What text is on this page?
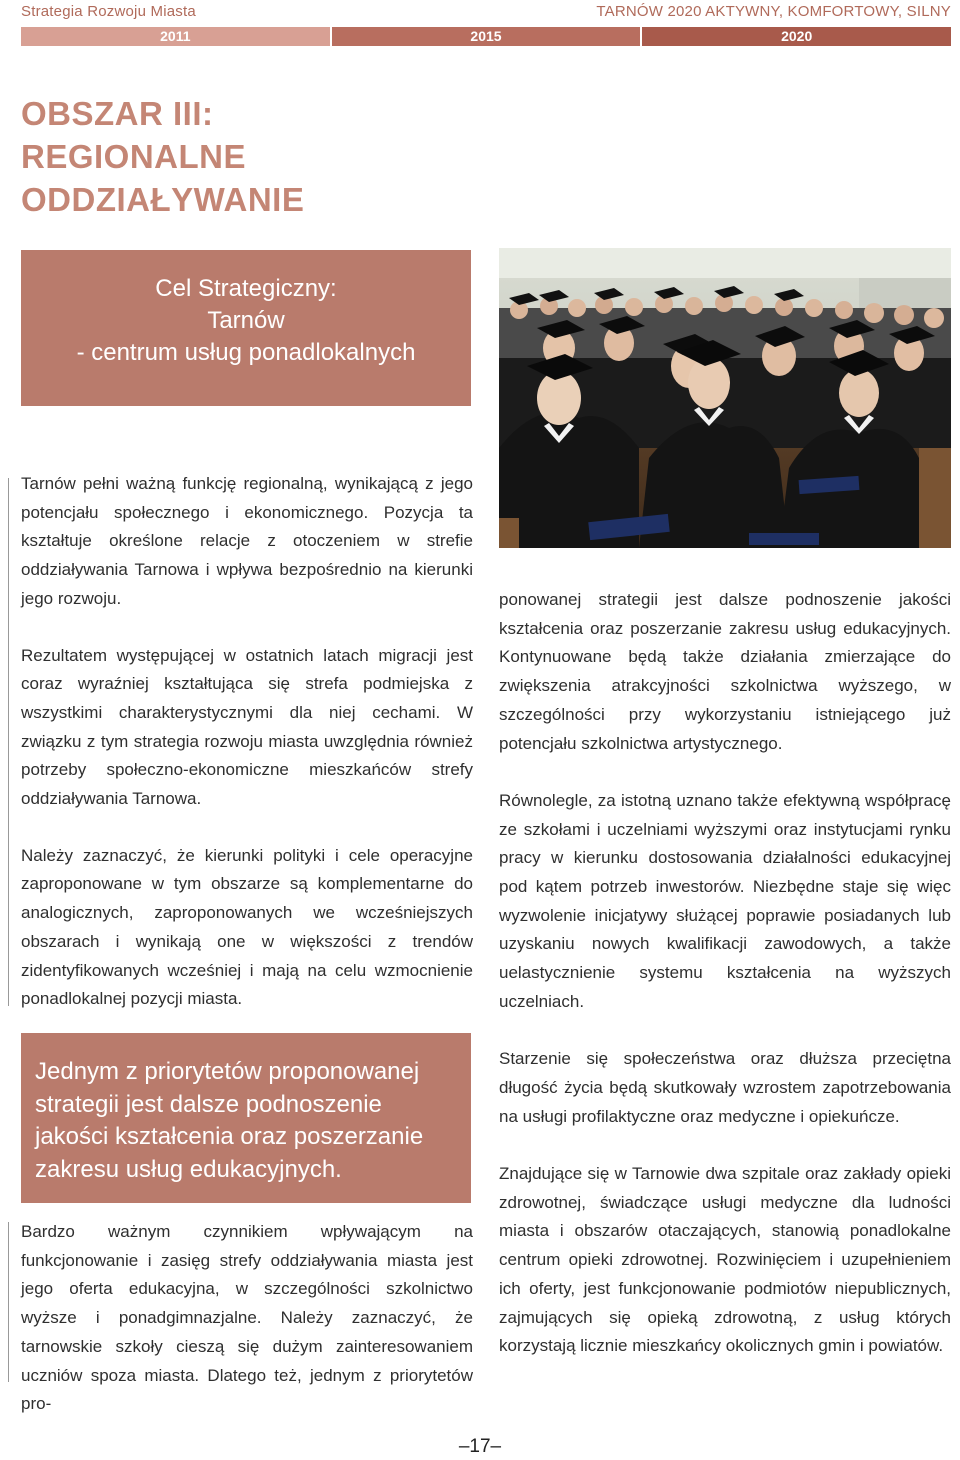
Strategia Rozwoju Miasta	TARNÓW 2020 AKTYWNY, KOMFORTOWY, SILNY
2011	2015	2020
OBSZAR III:
REGIONALNE
ODDZIAŁYWANIE
Cel Strategiczny:
Tarnów
- centrum usług ponadlokalnych

Tarnów pełni ważną funkcję regionalną, wynikającą z jego potencjału społecznego i ekonomicznego. Pozycja ta kształtuje określone relacje z otoczeniem w strefie oddziaływania Tarnowa i wpływa bezpośrednio na kierunki jego rozwoju.

Rezultatem występującej w ostatnich latach migracji jest coraz wyraźniej kształtująca się strefa podmiejska z wszystkimi charakterystycznymi dla niej cechami. W związku z tym strategia rozwoju miasta uwzględnia również potrzeby społeczno-ekonomiczne mieszkańców strefy oddziaływania Tarnowa.

Należy zaznaczyć, że kierunki polityki i cele operacyjne zaproponowane w tym obszarze są komplementarne do analogicznych, zaproponowanych we wcześniejszych obszarach i wynikają one w większości z trendów zidentyfikowanych wcześniej i mają na celu wzmocnienie ponadlokalnej pozycji miasta.

Jednym z priorytetów proponowanej strategii jest dalsze podnoszenie jakości kształcenia oraz poszerzanie zakresu usług edukacyjnych.

Bardzo ważnym czynnikiem wpływającym na funkcjonowanie i zasięg strefy oddziaływania miasta jest jego oferta edukacyjna, w szczególności szkolnictwo wyższe i ponadgimnazjalne. Należy zaznaczyć, że tarnowskie szkoły cieszą się dużym zainteresowaniem uczniów spoza miasta. Dlatego też, jednym z priorytetów pro-

ponowanej strategii jest dalsze podnoszenie jakości kształcenia oraz poszerzanie zakresu usług edukacyjnych. Kontynuowane będą także działania zmierzające do zwiększenia atrakcyjności szkolnictwa wyższego, w szczególności przy wykorzystaniu istniejącego już potencjału szkolnictwa artystycznego.

Równolegle, za istotną uznano także efektywną współpracę ze szkołami i uczelniami wyższymi oraz instytucjami rynku pracy w kierunku dostosowania działalności edukacyjnej pod kątem potrzeb inwestorów. Niezbędne staje się więc wyzwolenie inicjatywy służącej poprawie posiadanych lub uzyskaniu nowych kwalifikacji zawodowych, a także uelastycznienie systemu kształcenia na wyższych uczelniach.

Starzenie się społeczeństwa oraz dłuższa przeciętna długość życia będą skutkowały wzrostem zapotrzebowania na usługi profilaktyczne oraz medyczne i opiekuńcze.

Znajdujące się w Tarnowie dwa szpitale oraz zakłady opieki zdrowotnej, świadczące usługi medyczne dla ludności miasta i obszarów otaczających, stanowią ponadlokalne centrum opieki zdrowotnej. Rozwinięciem i uzupełnieniem ich oferty, jest funkcjonowanie podmiotów niepublicznych, zajmujących się opieką zdrowotną, z usług których korzystają licznie mieszkańcy okolicznych gmin i powiatów.

–17–
